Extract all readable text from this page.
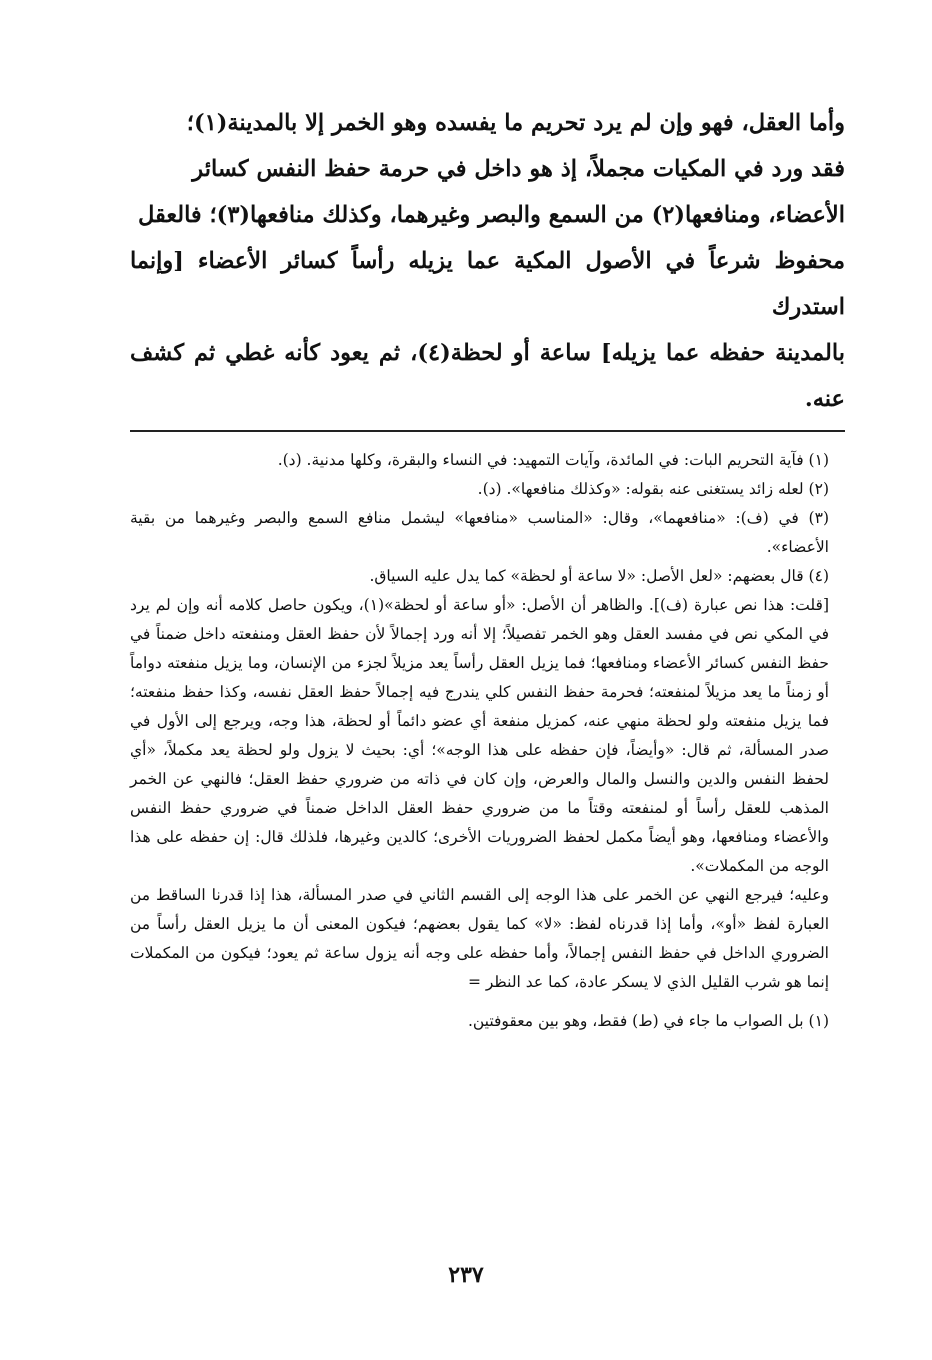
وأما العقل، فهو وإن لم يرد تحريم ما يفسده وهو الخمر إلا بالمدينة(١)؛

فقد ورد في المكيات مجملاً، إذ هو داخل في حرمة حفظ النفس كسائر

الأعضاء، ومنافعها(٢) من السمع والبصر وغيرهما، وكذلك منافعها(٣)؛ فالعقل

محفوظ شرعاً في الأصول المكية عما يزيله رأساً كسائر الأعضاء [وإنما استدرك

بالمدينة حفظه عما يزيله] ساعة أو لحظة(٤)، ثم يعود كأنه غطي ثم كشف عنه.

(١) فآية التحريم البات: في المائدة، وآيات التمهيد: في النساء والبقرة، وكلها مدنية. (د).

(٢) لعله زائد يستغنى عنه بقوله: «وكذلك منافعها». (د).

(٣) في (ف): «منافعهما»، وقال: «المناسب «منافعها» ليشمل منافع السمع والبصر وغيرهما من بقية الأعضاء».

(٤) قال بعضهم: «لعل الأصل: «لا ساعة أو لحظة» كما يدل عليه السياق.

[قلت: هذا نص عبارة (ف)]. والظاهر أن الأصل: «أو ساعة أو لحظة»(١)، ويكون حاصل كلامه أنه وإن لم يرد في المكي نص في مفسد العقل وهو الخمر تفصيلاً؛ إلا أنه ورد إجمالاً لأن حفظ العقل ومنفعته داخل ضمناً في حفظ النفس كسائر الأعضاء ومنافعها؛ فما يزيل العقل رأساً يعد مزيلاً لجزء من الإنسان، وما يزيل منفعته دواماً أو زمناً ما يعد مزيلاً لمنفعته؛ فحرمة حفظ النفس كلي يندرج فيه إجمالاً حفظ العقل نفسه، وكذا حفظ منفعته؛ فما يزيل منفعته ولو لحظة منهي عنه، كمزيل منفعة أي عضو دائماً أو لحظة، هذا وجه، ويرجع إلى الأول في صدر المسألة، ثم قال: «وأيضاً، فإن حفظه على هذا الوجه»؛ أي: بحيث لا يزول ولو لحظة يعد مكملاً، «أي لحفظ النفس والدين والنسل والمال والعرض، وإن كان في ذاته من ضروري حفظ العقل؛ فالنهي عن الخمر المذهب للعقل رأساً أو لمنفعته وقتاً ما من ضروري حفظ العقل الداخل ضمناً في ضروري حفظ النفس والأعضاء ومنافعها، وهو أيضاً مكمل لحفظ الضروريات الأخرى؛ كالدين وغيرها، فلذلك قال: إن حفظه على هذا الوجه من المكملات».

وعليه؛ فيرجع النهي عن الخمر على هذا الوجه إلى القسم الثاني في صدر المسألة، هذا إذا قدرنا الساقط من العبارة لفظ «أو»، وأما إذا قدرناه لفظ: «لا» كما يقول بعضهم؛ فيكون المعنى أن ما يزيل العقل رأساً من الضروري الداخل في حفظ النفس إجمالاً، وأما حفظه على وجه أنه يزول ساعة ثم يعود؛ فيكون من المكملات إنما هو شرب القليل الذي لا يسكر عادة، كما عد النظر =

(١) بل الصواب ما جاء في (ط) فقط، وهو بين معقوفتين.

٢٣٧
